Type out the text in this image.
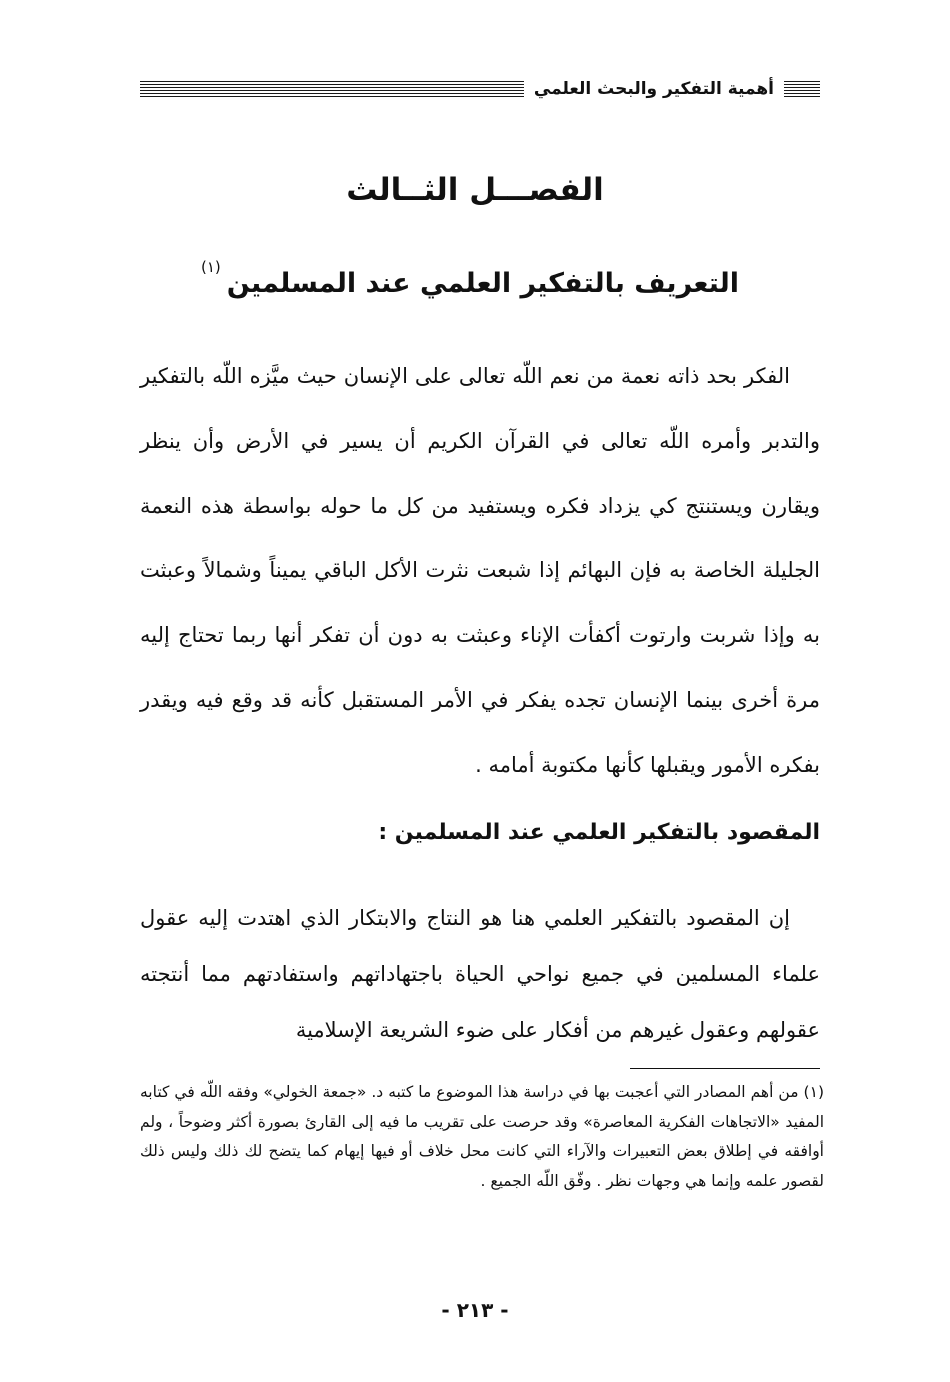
أهمية التفكير والبحث العلمي
الفصـــل الثــالث
التعريف بالتفكير العلمي عند المسلمين$^{(١)}$
الفكر بحد ذاته نعمة من نعم اللّه تعالى على الإنسان حيث ميَّزه اللّه بالتفكير والتدبر وأمره اللّه تعالى في القرآن الكريم أن يسير في الأرض وأن ينظر ويقارن ويستنتج كي يزداد فكره ويستفيد من كل ما حوله بواسطة هذه النعمة الجليلة الخاصة به فإن البهائم إذا شبعت نثرت الأكل الباقي يميناً وشمالاً وعبثت به وإذا شربت وارتوت أكفأت الإناء وعبثت به دون أن تفكر أنها ربما تحتاج إليه مرة أخرى بينما الإنسان تجده يفكر في الأمر المستقبل كأنه قد وقع فيه ويقدر بفكره الأمور ويقبلها كأنها مكتوبة أمامه .
المقصود بالتفكير العلمي عند المسلمين :
إن المقصود بالتفكير العلمي هنا هو النتاج والابتكار الذي اهتدت إليه عقول علماء المسلمين في جميع نواحي الحياة باجتهاداتهم واستفادتهم مما أنتجته عقولهم وعقول غيرهم من أفكار على ضوء الشريعة الإسلامية
(١) من أهم المصادر التي أعجبت بها في دراسة هذا الموضوع ما كتبه د. «جمعة الخولي» وفقه اللّه في كتابه المفيد «الاتجاهات الفكرية المعاصرة» وقد حرصت على تقريب ما فيه إلى القارئ بصورة أكثر وضوحاً ، ولم أوافقه في إطلاق بعض التعبيرات والآراء التي كانت محل خلاف أو فيها إيهام كما يتضح لك ذلك وليس ذلك لقصور علمه وإنما هي وجهات نظر . وفّق اللّه الجميع .
- ٢١٣ -
